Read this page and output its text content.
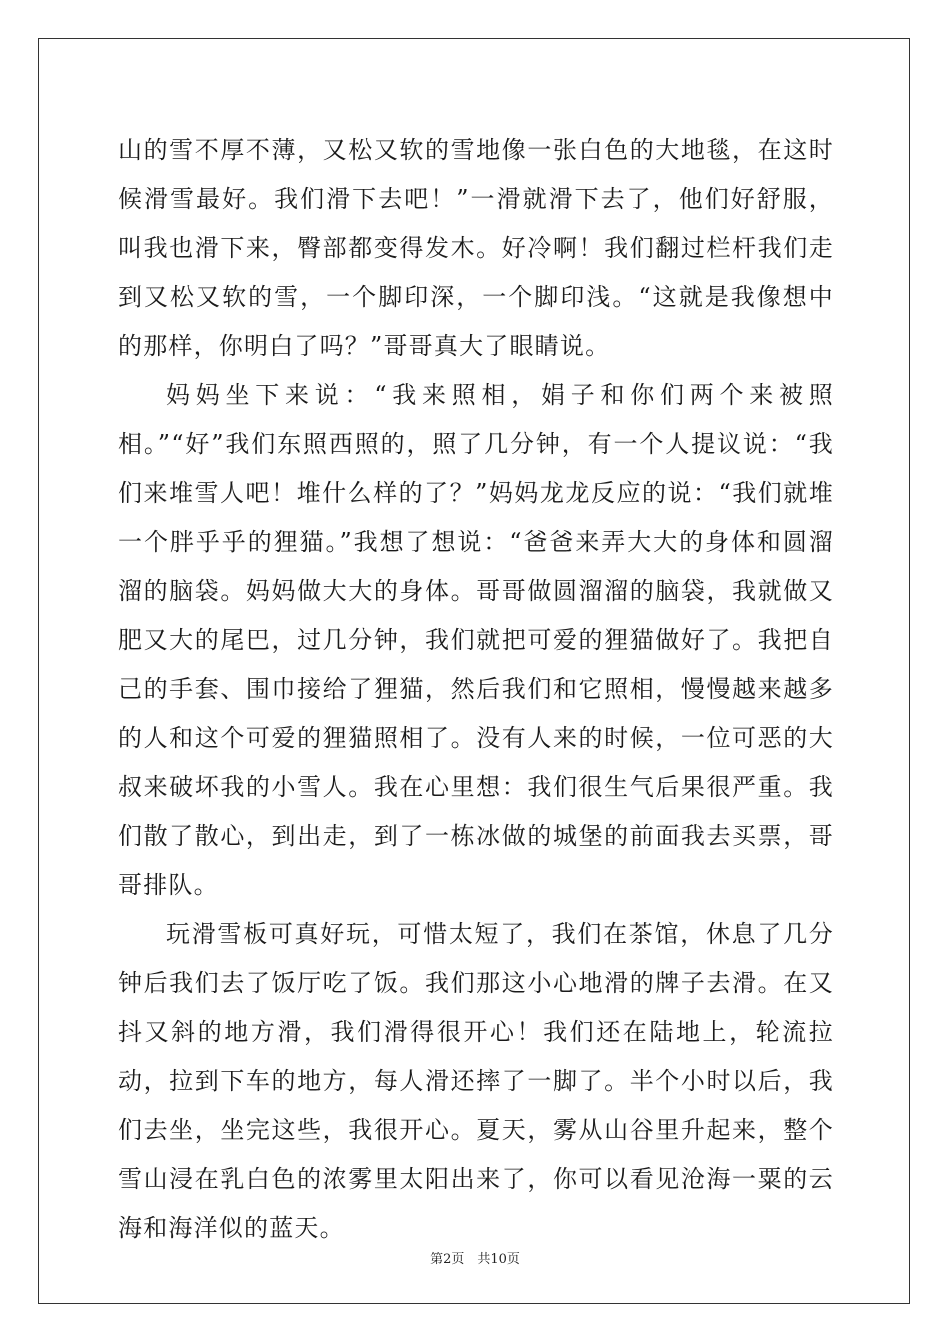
山的雪不厚不薄，又松又软的雪地像一张白色的大地毯，在这时候滑雪最好。我们滑下去吧！”一滑就滑下去了，他们好舒服，叫我也滑下来，臀部都变得发木。好冷啊！我们翻过栏杆我们走到又松又软的雪，一个脚印深，一个脚印浅。“这就是我像想中的那样，你明白了吗？”哥哥真大了眼睛说。

妈妈坐下来说：“我来照相，娟子和你们两个来被照相。”“好”我们东照西照的，照了几分钟，有一个人提议说：“我们来堆雪人吧！堆什么样的了？”妈妈龙龙反应的说：“我们就堆一个胖乎乎的狸猫。”我想了想说：“爸爸来弄大大的身体和圆溜溜的脑袋。妈妈做大大的身体。哥哥做圆溜溜的脑袋，我就做又肥又大的尾巴，过几分钟，我们就把可爱的狸猫做好了。我把自己的手套、围巾接给了狸猫，然后我们和它照相，慢慢越来越多的人和这个可爱的狸猫照相了。没有人来的时候，一位可恶的大叔来破坏我的小雪人。我在心里想：我们很生气后果很严重。我们散了散心，到出走，到了一栋冰做的城堡的前面我去买票，哥哥排队。

玩滑雪板可真好玩，可惜太短了，我们在茶馆，休息了几分钟后我们去了饭厅吃了饭。我们那这小心地滑的牌子去滑。在又抖又斜的地方滑，我们滑得很开心！我们还在陆地上，轮流拉动，拉到下车的地方，每人滑还摔了一脚了。半个小时以后，我们去坐，坐完这些，我很开心。夏天，雾从山谷里升起来，整个雪山浸在乳白色的浓雾里太阳出来了，你可以看见沧海一粟的云海和海洋似的蓝天。

第2页　共10页
